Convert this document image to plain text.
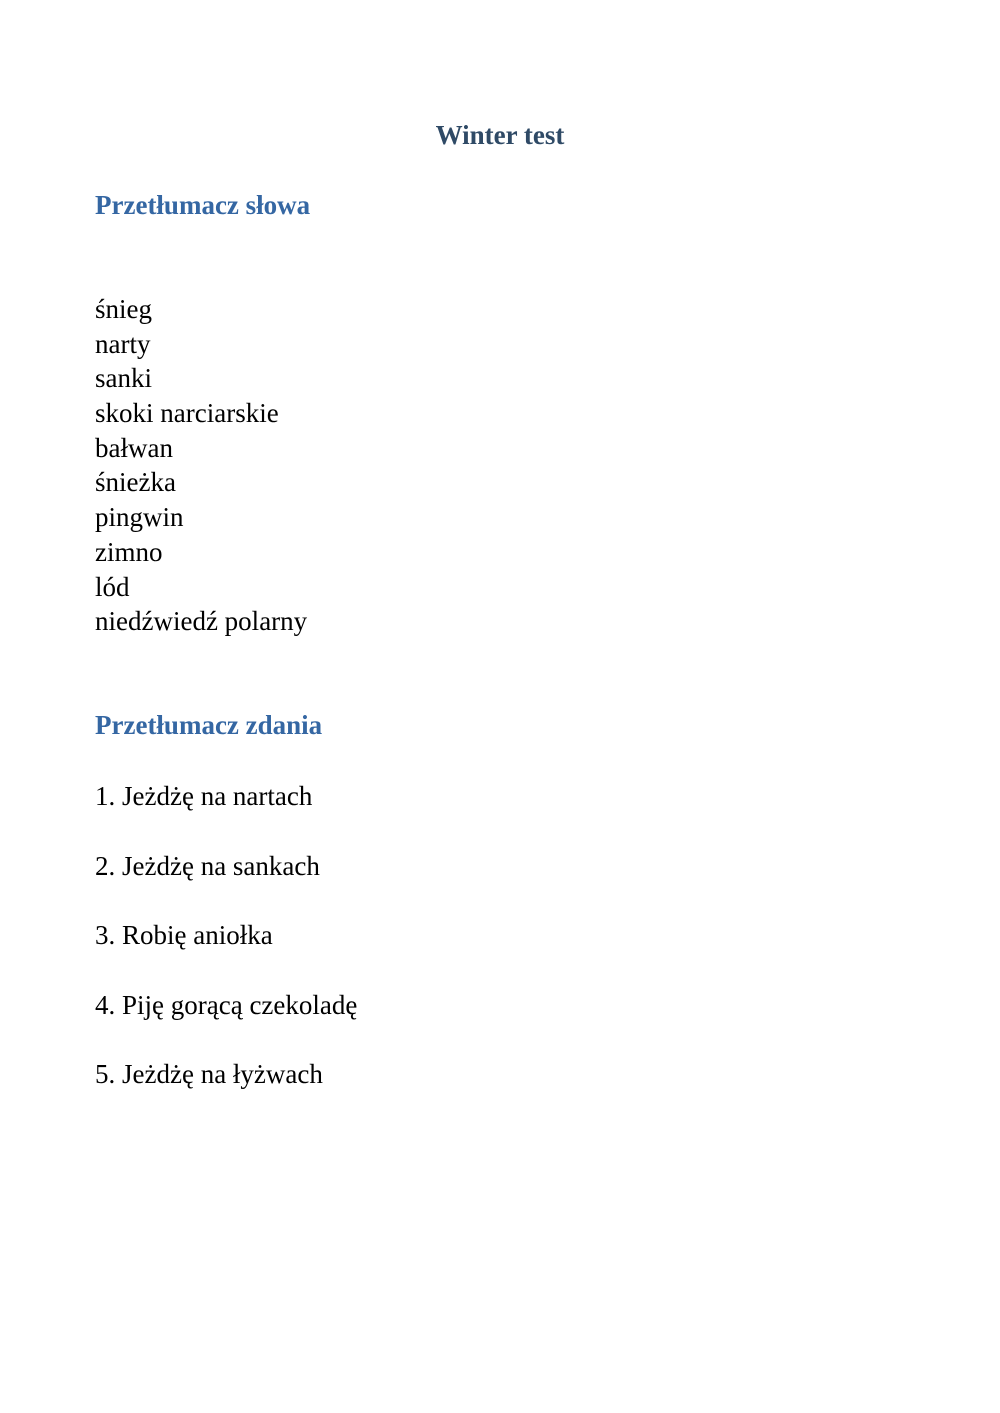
Winter test
Przetłumacz słowa
śnieg
narty
sanki
skoki narciarskie
bałwan
śnieżka
pingwin
zimno
lód
niedźwiedź polarny
Przetłumacz zdania
1. Jeżdżę na nartach
2. Jeżdżę na sankach
3. Robię aniołka
4. Piję gorącą czekoladę
5. Jeżdżę na łyżwach
